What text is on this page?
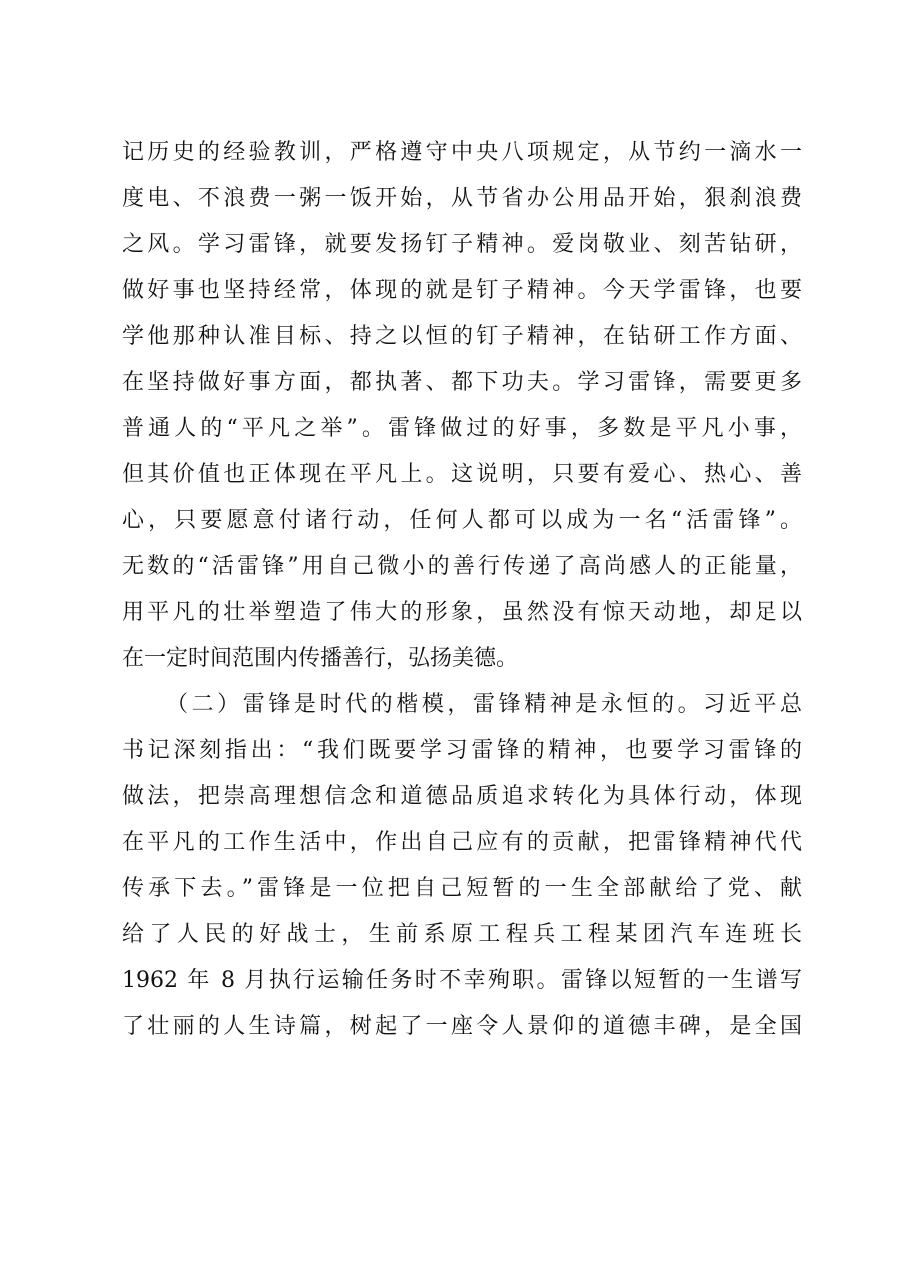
记历史的经验教训，严格遵守中央八项规定，从节约一滴水一
度电、不浪费一粥一饭开始，从节省办公用品开始，狠刹浪费
之风。学习雷锋，就要发扬钉子精神。爱岗敬业、刻苦钻研，
做好事也坚持经常，体现的就是钉子精神。今天学雷锋，也要
学他那种认准目标、持之以恒的钉子精神，在钻研工作方面、
在坚持做好事方面，都执著、都下功夫。学习雷锋，需要更多
普通人的“平凡之举”。雷锋做过的好事，多数是平凡小事，
但其价值也正体现在平凡上。这说明，只要有爱心、热心、善
心，只要愿意付诸行动，任何人都可以成为一名“活雷锋”。
无数的“活雷锋”用自己微小的善行传递了高尚感人的正能量，
用平凡的壮举塑造了伟大的形象，虽然没有惊天动地，却足以
在一定时间范围内传播善行，弘扬美德。
（二）雷锋是时代的楷模，雷锋精神是永恒的。习近平总
书记深刻指出：“我们既要学习雷锋的精神，也要学习雷锋的
做法，把崇高理想信念和道德品质追求转化为具体行动，体现
在平凡的工作生活中，作出自己应有的贡献，把雷锋精神代代
传承下去。”雷锋是一位把自己短暂的一生全部献给了党、献
给了人民的好战士，生前系原工程兵工程某团汽车连班长
1962 年 8 月执行运输任务时不幸殉职。雷锋以短暂的一生谱写
了壮丽的人生诗篇，树起了一座令人景仰的道德丰碑，是全国
